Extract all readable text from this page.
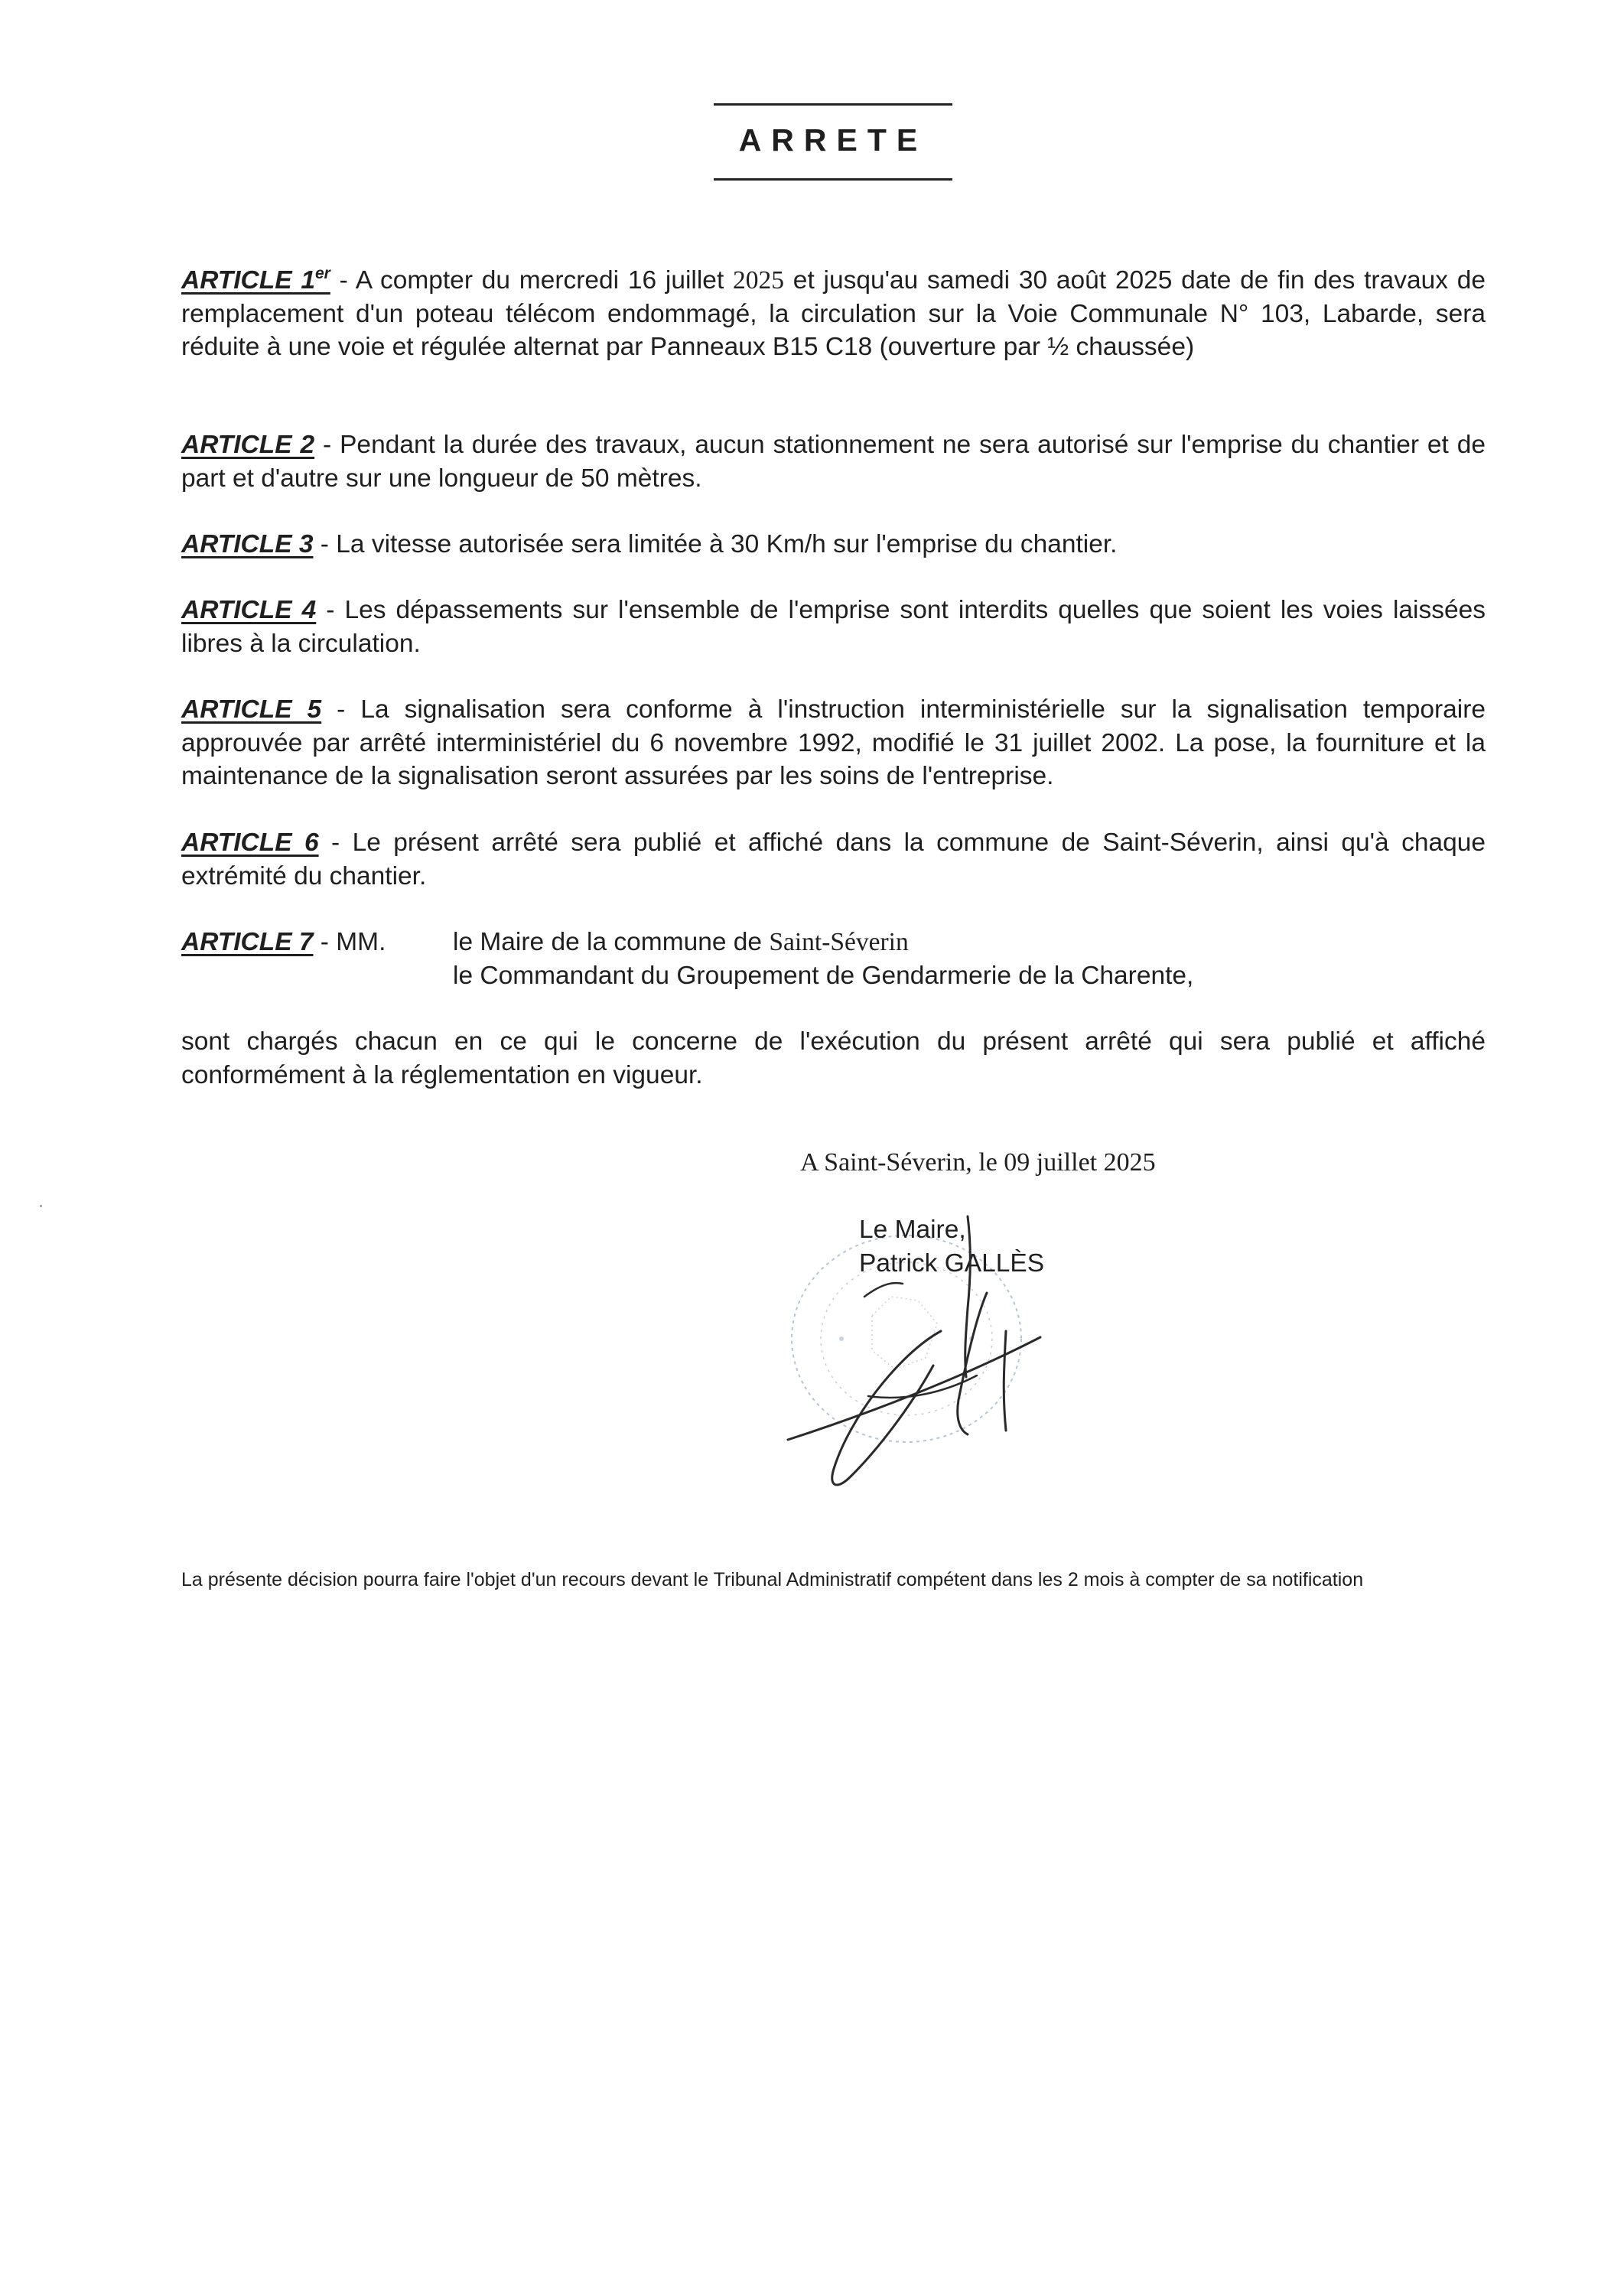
ARRETE
ARTICLE 1er - A compter du mercredi 16 juillet 2025 et jusqu'au samedi 30 août 2025 date de fin des travaux de remplacement d'un poteau télécom endommagé, la circulation sur la Voie Communale N° 103, Labarde, sera réduite à une voie et régulée alternat par Panneaux B15 C18 (ouverture par ½ chaussée)
ARTICLE 2 - Pendant la durée des travaux, aucun stationnement ne sera autorisé sur l'emprise du chantier et de part et d'autre sur une longueur de 50 mètres.
ARTICLE 3 - La vitesse autorisée sera limitée à 30 Km/h sur l'emprise du chantier.
ARTICLE 4 - Les dépassements sur l'ensemble de l'emprise sont interdits quelles que soient les voies laissées libres à la circulation.
ARTICLE 5 - La signalisation sera conforme à l'instruction interministérielle sur la signalisation temporaire approuvée par arrêté interministériel du 6 novembre 1992, modifié le 31 juillet 2002. La pose, la fourniture et la maintenance de la signalisation seront assurées par les soins de l'entreprise.
ARTICLE 6 - Le présent arrêté sera publié et affiché dans la commune de Saint-Séverin, ainsi qu'à chaque extrémité du chantier.
ARTICLE 7 - MM.	le Maire de la commune de Saint-Séverin
le Commandant du Groupement de Gendarmerie de la Charente,
sont chargés chacun en ce qui le concerne de l'exécution du présent arrêté qui sera publié et affiché conformément à la réglementation en vigueur.
A Saint-Séverin, le 09 juillet 2025
Le Maire,
Patrick GALLÈS
La présente décision pourra faire l'objet d'un recours devant le Tribunal Administratif compétent dans les 2 mois à compter de sa notification
